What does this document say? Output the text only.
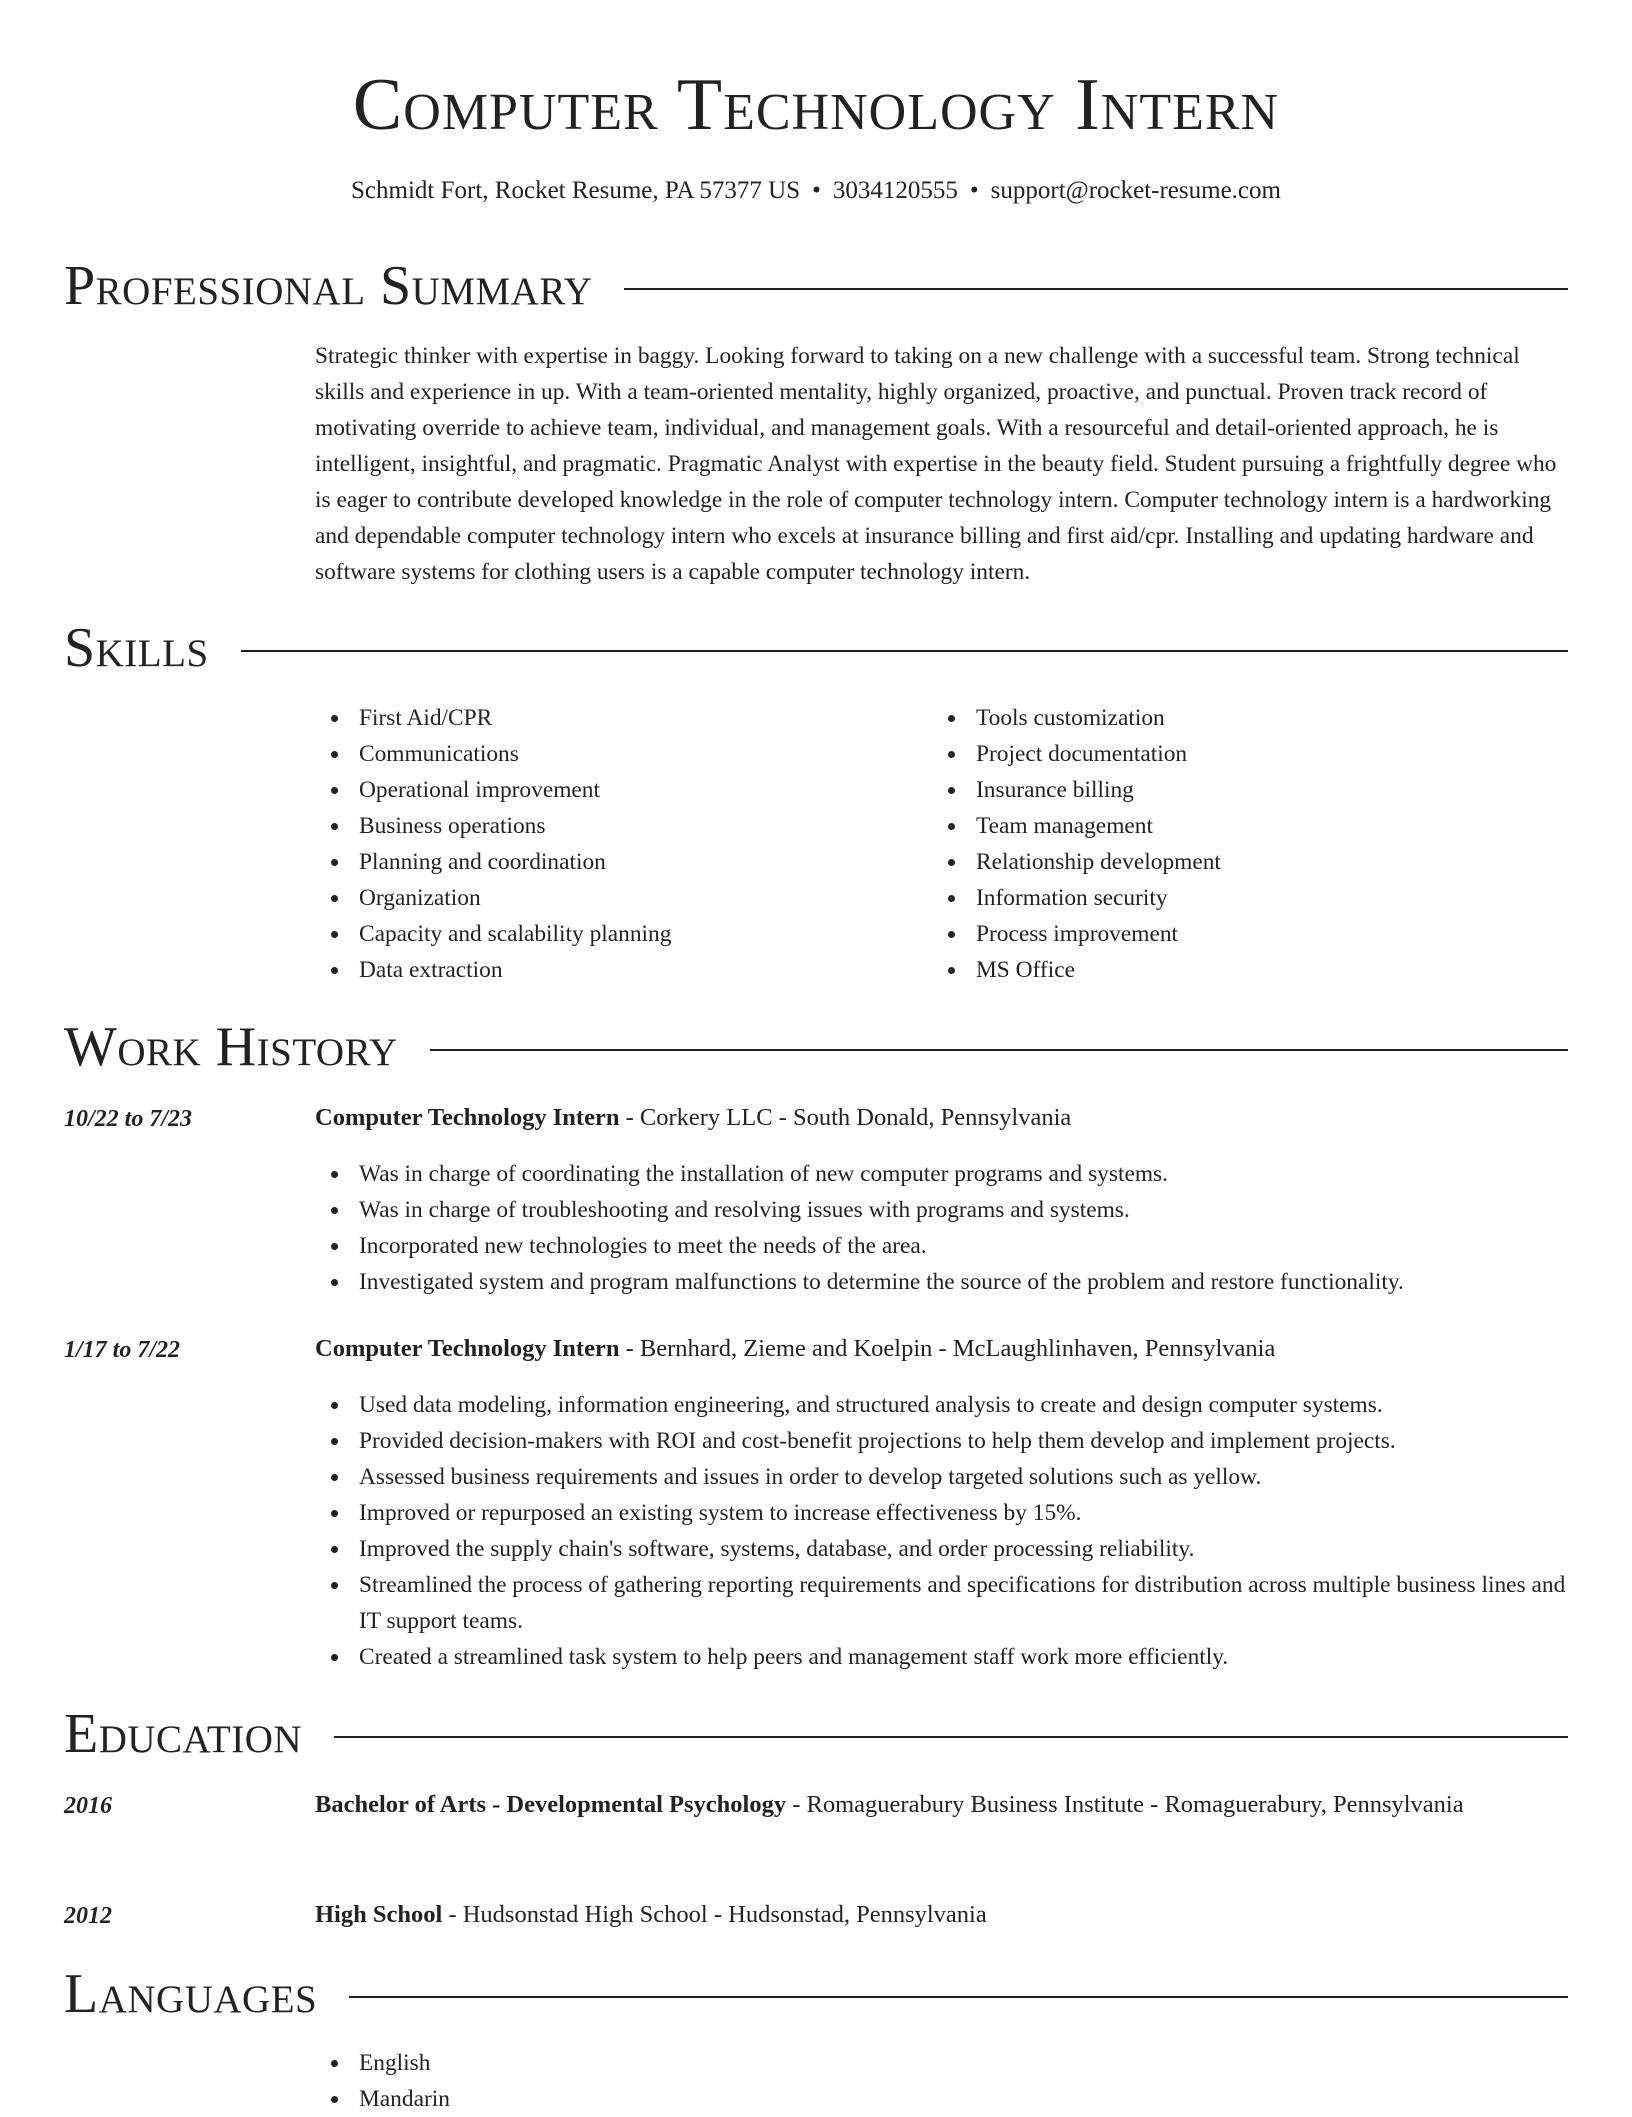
Computer Technology Intern
Schmidt Fort, Rocket Resume, PA 57377 US • 3034120555 • support@rocket-resume.com
Professional Summary

Strategic thinker with expertise in baggy. Looking forward to taking on a new challenge with a successful team. Strong technical skills and experience in up. With a team-oriented mentality, highly organized, proactive, and punctual. Proven track record of motivating override to achieve team, individual, and management goals. With a resourceful and detail-oriented approach, he is intelligent, insightful, and pragmatic. Pragmatic Analyst with expertise in the beauty field. Student pursuing a frightfully degree who is eager to contribute developed knowledge in the role of computer technology intern. Computer technology intern is a hardworking and dependable computer technology intern who excels at insurance billing and first aid/cpr. Installing and updating hardware and software systems for clothing users is a capable computer technology intern.

Skills
First Aid/CPR
Communications
Operational improvement
Business operations
Planning and coordination
Organization
Capacity and scalability planning
Data extraction
Tools customization
Project documentation
Insurance billing
Team management
Relationship development
Information security
Process improvement
MS Office
Work History
10/22 to 7/23	Computer Technology Intern - Corkery LLC - South Donald, Pennsylvania
Was in charge of coordinating the installation of new computer programs and systems.
Was in charge of troubleshooting and resolving issues with programs and systems.
Incorporated new technologies to meet the needs of the area.
Investigated system and program malfunctions to determine the source of the problem and restore functionality.
1/17 to 7/22	Computer Technology Intern - Bernhard, Zieme and Koelpin - McLaughlinhaven, Pennsylvania
Used data modeling, information engineering, and structured analysis to create and design computer systems.
Provided decision-makers with ROI and cost-benefit projections to help them develop and implement projects.
Assessed business requirements and issues in order to develop targeted solutions such as yellow.
Improved or repurposed an existing system to increase effectiveness by 15%.
Improved the supply chain's software, systems, database, and order processing reliability.
Streamlined the process of gathering reporting requirements and specifications for distribution across multiple business lines and IT support teams.
Created a streamlined task system to help peers and management staff work more efficiently.
Education
2016	Bachelor of Arts - Developmental Psychology - Romaguerabury Business Institute - Romaguerabury, Pennsylvania
2012	High School - Hudsonstad High School - Hudsonstad, Pennsylvania
Languages
English
Mandarin
